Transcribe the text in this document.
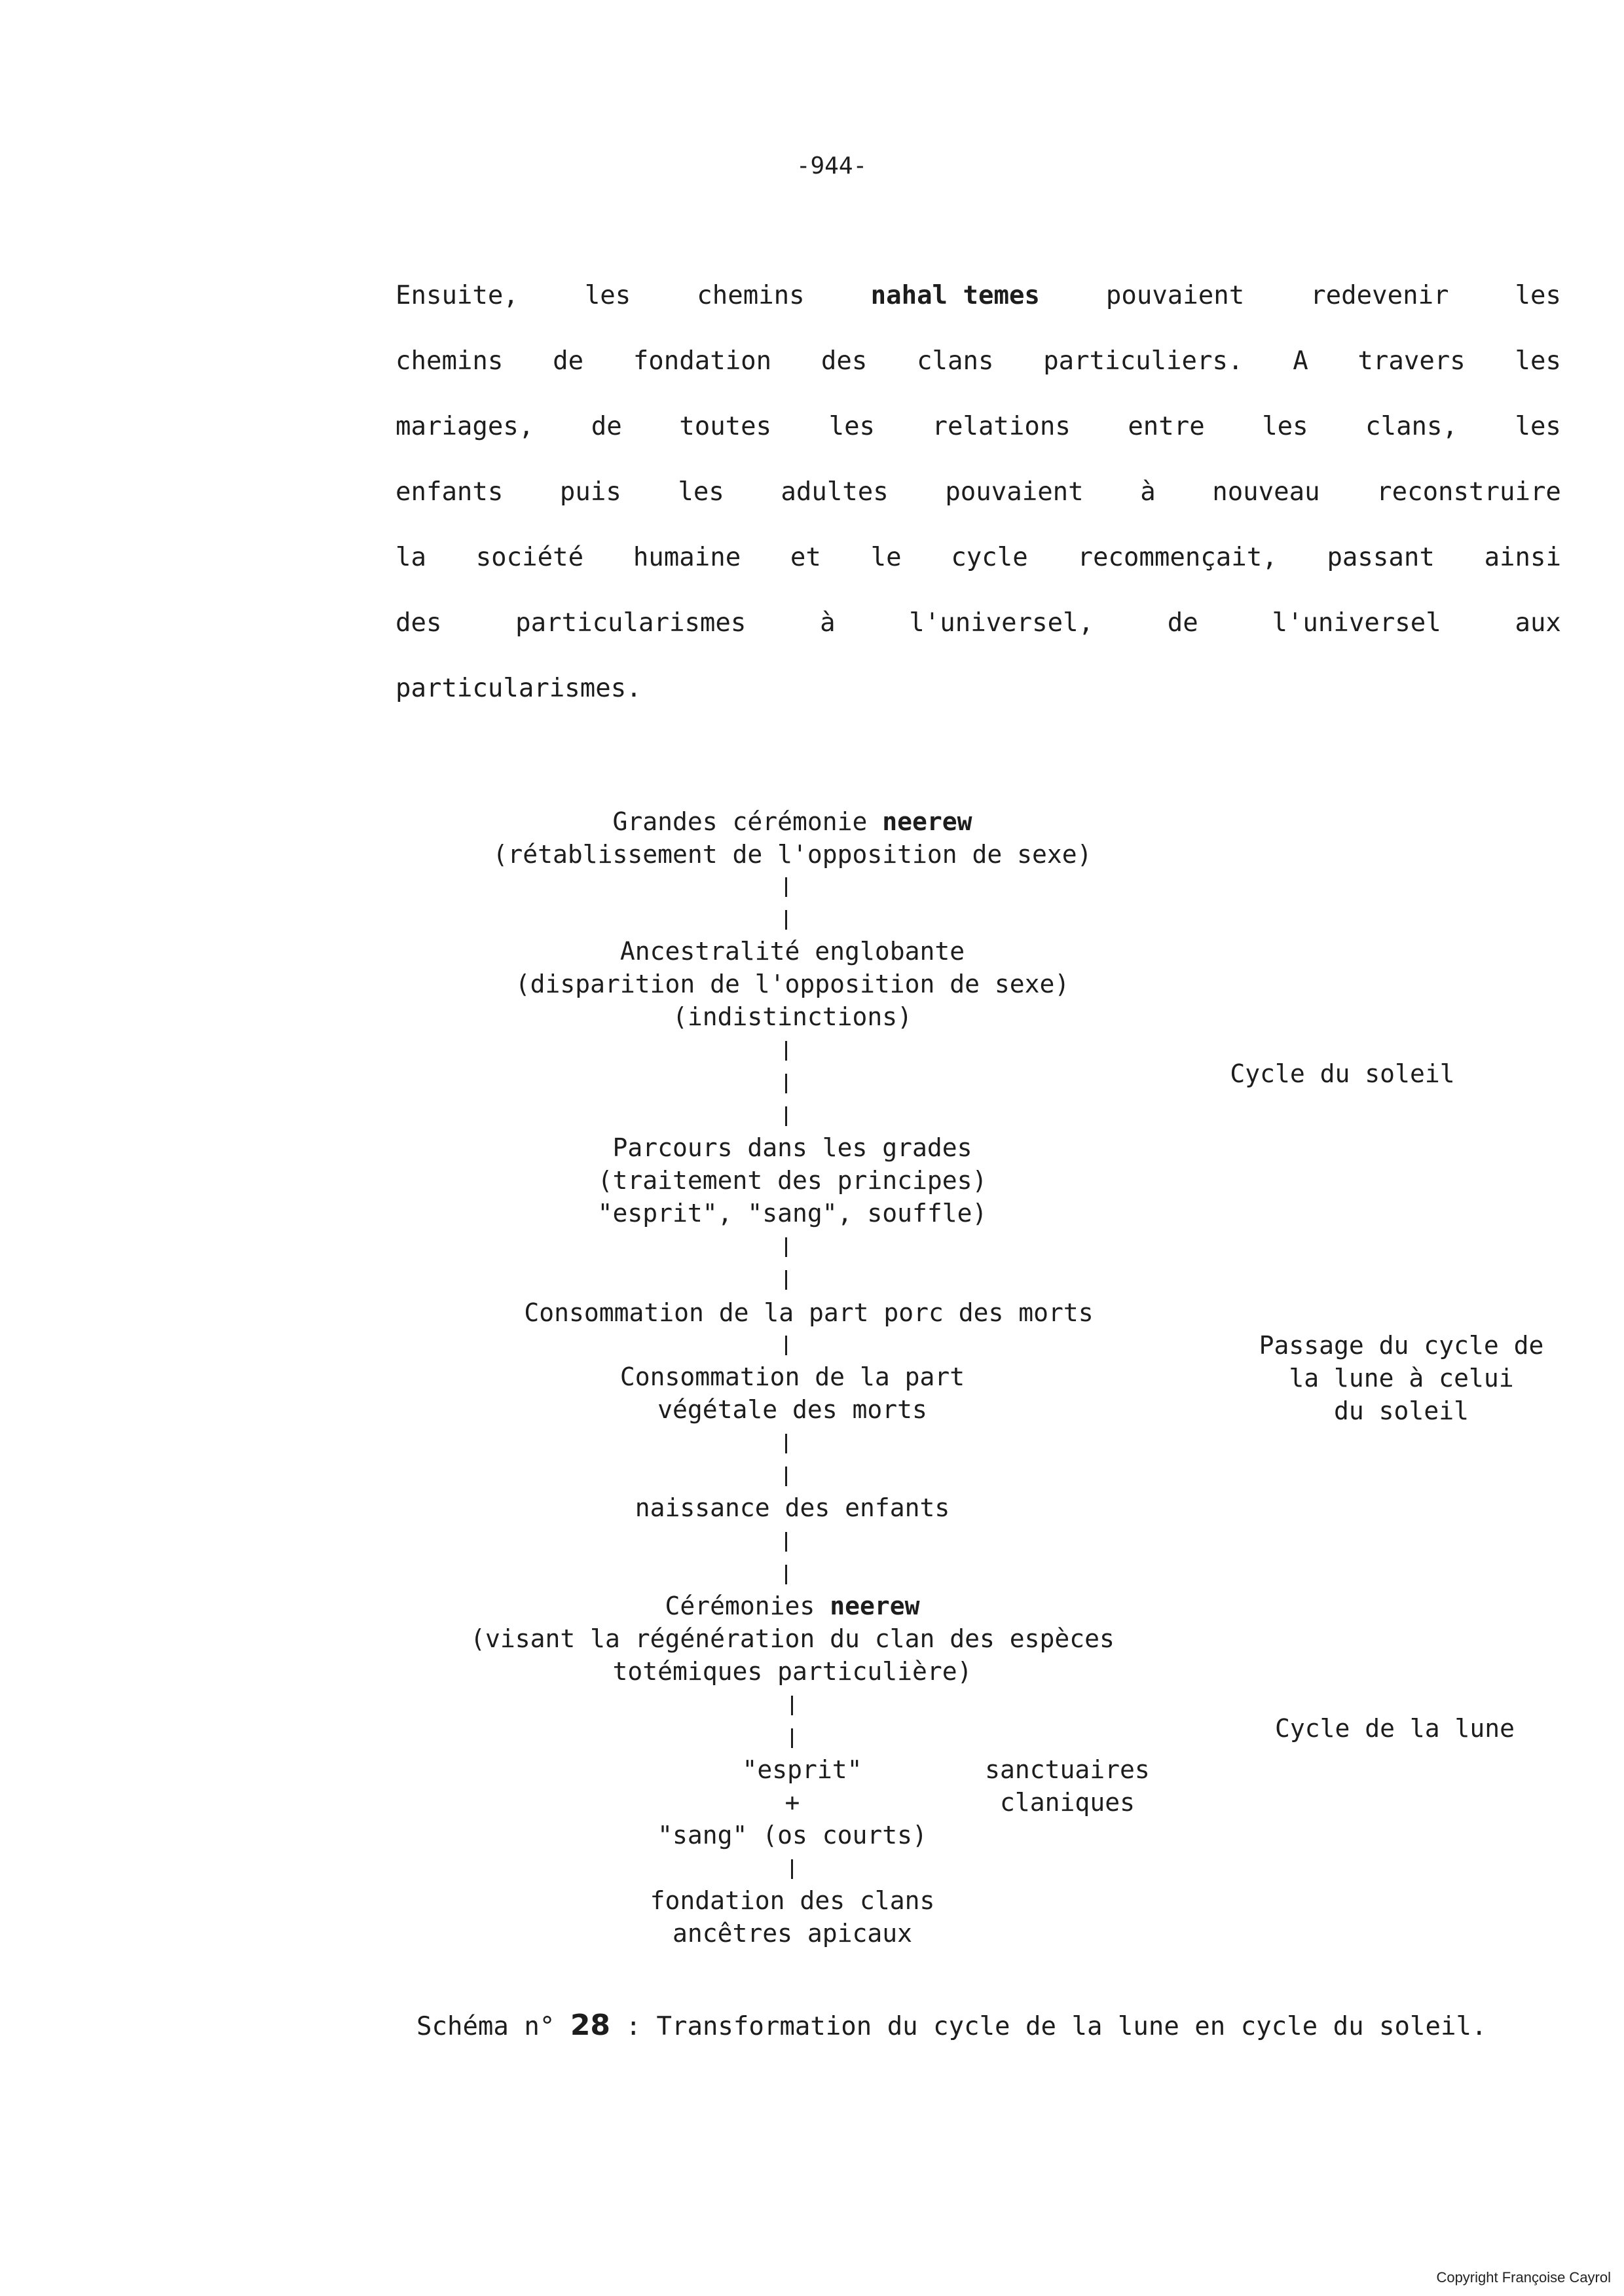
-944-
Ensuite,	les	chemins	nahal temes	pouvaient	redevenir	les
chemins de fondation des clans particuliers. A travers les
mariages, de toutes les relations entre les clans, les
enfants puis les adultes pouvaient à nouveau reconstruire
la société humaine et le cycle recommençait, passant ainsi
des	particularismes	à	l'universel,	de	l'universel	aux
particularismes.
Grandes cérémonie neerew
(rétablissement de l'opposition de sexe)
Ancestralité englobante
(disparition de l'opposition de sexe)
(indistinctions)
Parcours dans les grades
(traitement des principes)
"esprit", "sang", souffle)
Consommation de la part porc des morts
Consommation de la part
végétale des morts
naissance des enfants
Cérémonies neerew
(visant la régénération du clan des espèces
totémiques particulière)
"esprit"
+
"sang" (os courts)
sanctuaires
claniques
fondation des clans
ancêtres apicaux
Cycle du soleil
Passage du cycle de
la lune à celui
du soleil
Cycle de la lune
Schéma n° 28 : Transformation du cycle de la lune en cycle du soleil.
Copyright Françoise Cayrol
